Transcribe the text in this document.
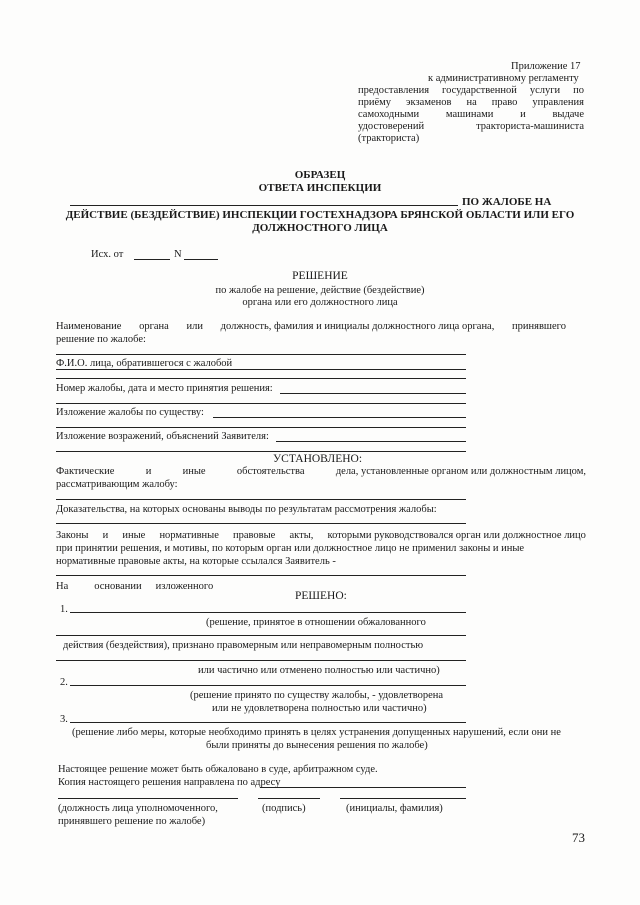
Приложение 17
к административному регламенту
предоставления государственной услуги по
приёму экзаменов на право управления
самоходными	машинами	и	выдаче
удостоверений	тракториста-машиниста
(тракториста)
ОБРАЗЕЦ
ОТВЕТА ИНСПЕКЦИИ
ПО ЖАЛОБЕ НА
ДЕЙСТВИЕ (БЕЗДЕЙСТВИЕ) ИНСПЕКЦИИ ГОСТЕХНАДЗОРА БРЯНСКОЙ ОБЛАСТИ ИЛИ ЕГО
ДОЛЖНОСТНОГО ЛИЦА
Исх. от	N
РЕШЕНИЕ
по жалобе на решение, действие (бездействие)
органа или его должностного лица
Наименование органа или должность, фамилия и инициалы должностного лица органа, принявшего
решение по жалобе:
Ф.И.О. лица, обратившегося с жалобой
Номер жалобы, дата и место принятия решения:
Изложение жалобы по существу:
Изложение возражений, объяснений Заявителя:
УСТАНОВЛЕНО:
Фактические	и	иные	обстоятельства	дела, установленные органом или должностным лицом,
рассматривающим жалобу:
Доказательства, на которых основаны выводы по результатам рассмотрения жалобы:
Законы и иные нормативные правовые акты, которыми руководствовался орган или должностное лицо
при принятии решения, и мотивы, по которым орган или должностное лицо не применил законы и иные
нормативные правовые акты, на которые ссылался Заявитель -
На основании изложенного
РЕШЕНО:
1.
(решение, принятое в отношении обжалованного
действия (бездействия), признано правомерным или неправомерным полностью
или частично или отменено полностью или частично)
2.
(решение принято по существу жалобы, - удовлетворена
или не удовлетворена полностью или частично)
3.
(решение либо меры, которые необходимо принять в целях устранения допущенных нарушений, если они не
были приняты до вынесения решения по жалобе)
Настоящее решение может быть обжаловано в суде, арбитражном суде.
Копия настоящего решения направлена по адресу
(должность лица уполномоченного,	(подпись)	(инициалы, фамилия)
принявшего решение по жалобе)
73
